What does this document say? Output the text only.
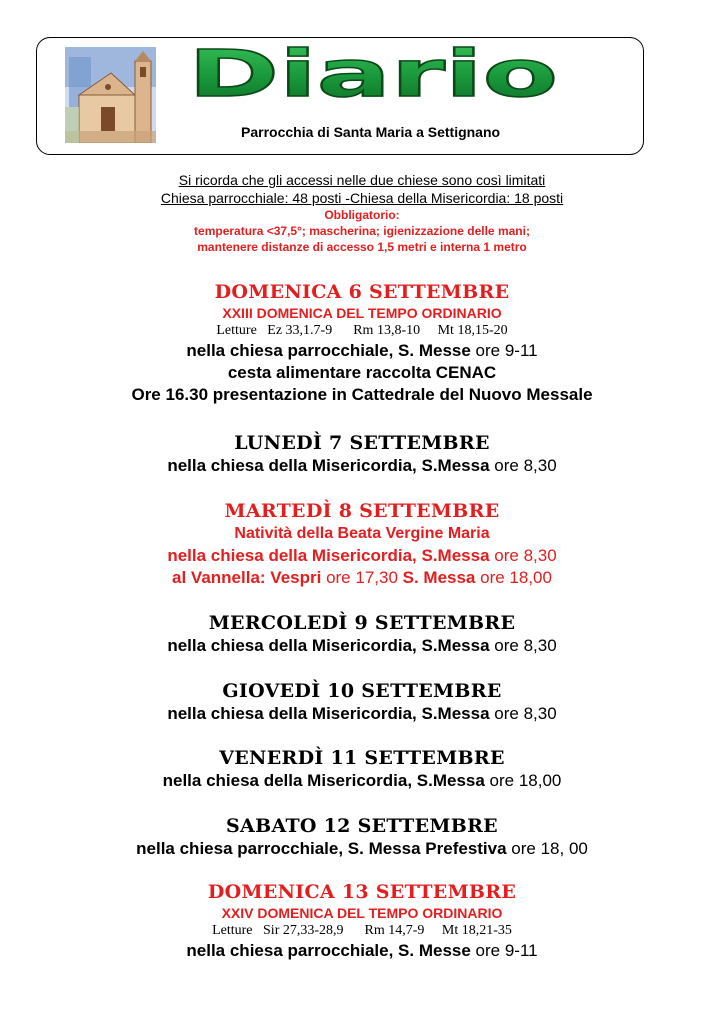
Diario
Parrocchia di Santa Maria a Settignano
Si ricorda che gli accessi nelle due chiese sono così limitati
Chiesa parrocchiale: 48 posti -Chiesa della Misericordia: 18 posti
Obbligatorio:
temperatura <37,5°; mascherina; igienizzazione delle mani;
mantenere distanze di accesso 1,5 metri e interna 1 metro
DOMENICA 6 SETTEMBRE
XXIII DOMENICA DEL TEMPO ORDINARIO
Letture   Ez 33,1.7-9      Rm 13,8-10     Mt 18,15-20
nella chiesa parrocchiale, S. Messe ore 9-11
cesta alimentare raccolta CENAC
Ore 16.30 presentazione in Cattedrale del Nuovo Messale
LUNEDÌ 7 SETTEMBRE
nella chiesa della Misericordia, S.Messa ore 8,30
MARTEDÌ 8 SETTEMBRE
Natività della Beata Vergine Maria
nella chiesa della Misericordia, S.Messa ore 8,30
al Vannella: Vespri ore 17,30 S. Messa ore 18,00
MERCOLEDÌ 9 SETTEMBRE
nella chiesa della Misericordia, S.Messa ore 8,30
GIOVEDÌ 10 SETTEMBRE
nella chiesa della Misericordia, S.Messa ore 8,30
VENERDÌ 11 SETTEMBRE
nella chiesa della Misericordia, S.Messa ore 18,00
SABATO 12 SETTEMBRE
nella chiesa parrocchiale, S. Messa Prefestiva ore 18, 00
DOMENICA 13 SETTEMBRE
XXIV DOMENICA DEL TEMPO ORDINARIO
Letture   Sir 27,33-28,9      Rm 14,7-9     Mt 18,21-35
nella chiesa parrocchiale, S. Messe ore 9-11
